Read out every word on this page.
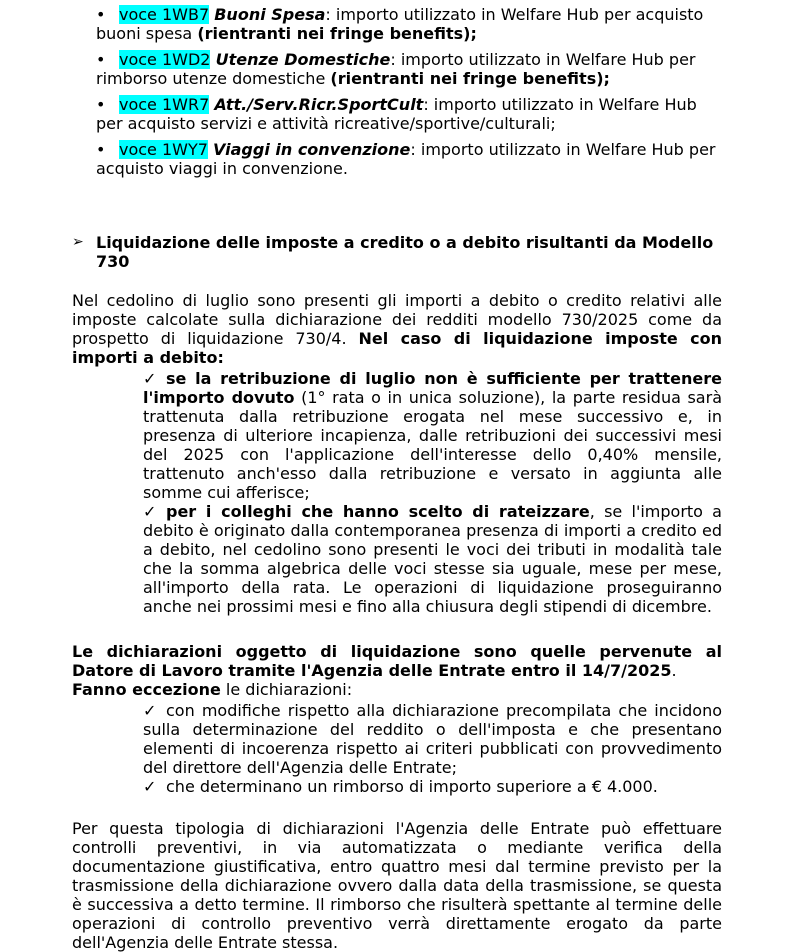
• voce 1WB7 Buoni Spesa: importo utilizzato in Welfare Hub per acquisto
buoni spesa (rientranti nei fringe benefits);

• voce 1WD2 Utenze Domestiche: importo utilizzato in Welfare Hub per
rimborso utenze domestiche (rientranti nei fringe benefits);

• voce 1WR7 Att./Serv.Ricr.SportCult: importo utilizzato in Welfare Hub
per acquisto servizi e attività ricreative/sportive/culturali;

• voce 1WY7 Viaggi in convenzione: importo utilizzato in Welfare Hub per
acquisto viaggi in convenzione.

➢ Liquidazione delle imposte a credito o a debito risultanti da Modello
730

Nel cedolino di luglio sono presenti gli importi a debito o credito relativi alle imposte calcolate sulla dichiarazione dei redditi modello 730/2025 come da prospetto di liquidazione 730/4. Nel caso di liquidazione imposte con importi a debito:

✓ se la retribuzione di luglio non è sufficiente per trattenere l'importo dovuto (1° rata o in unica soluzione), la parte residua sarà trattenuta dalla retribuzione erogata nel mese successivo e, in presenza di ulteriore incapienza, dalle retribuzioni dei successivi mesi del 2025 con l'applicazione dell'interesse dello 0,40% mensile, trattenuto anch'esso dalla retribuzione e versato in aggiunta alle somme cui afferisce;

✓ per i colleghi che hanno scelto di rateizzare, se l'importo a debito è originato dalla contemporanea presenza di importi a credito ed a debito, nel cedolino sono presenti le voci dei tributi in modalità tale che la somma algebrica delle voci stesse sia uguale, mese per mese, all'importo della rata. Le operazioni di liquidazione proseguiranno anche nei prossimi mesi e fino alla chiusura degli stipendi di dicembre.

Le dichiarazioni oggetto di liquidazione sono quelle pervenute al Datore di Lavoro tramite l'Agenzia delle Entrate entro il 14/7/2025.

Fanno eccezione le dichiarazioni:

✓ con modifiche rispetto alla dichiarazione precompilata che incidono sulla determinazione del reddito o dell'imposta e che presentano elementi di incoerenza rispetto ai criteri pubblicati con provvedimento del direttore dell'Agenzia delle Entrate;

✓ che determinano un rimborso di importo superiore a € 4.000.

Per questa tipologia di dichiarazioni l'Agenzia delle Entrate può effettuare controlli preventivi, in via automatizzata o mediante verifica della documentazione giustificativa, entro quattro mesi dal termine previsto per la trasmissione della dichiarazione ovvero dalla data della trasmissione, se questa è successiva a detto termine. Il rimborso che risulterà spettante al termine delle operazioni di controllo preventivo verrà direttamente erogato da parte dell'Agenzia delle Entrate stessa.
